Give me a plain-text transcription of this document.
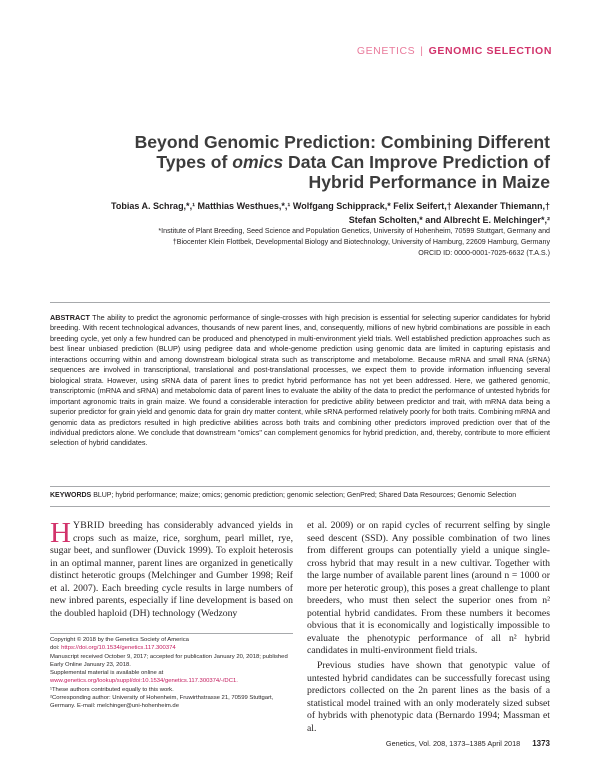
GENETICS | GENOMIC SELECTION
Beyond Genomic Prediction: Combining Different
Types of omics Data Can Improve Prediction of
Hybrid Performance in Maize
Tobias A. Schrag,*,¹ Matthias Westhues,*,¹ Wolfgang Schipprack,* Felix Seifert,† Alexander Thiemann,†
Stefan Scholten,* and Albrecht E. Melchinger*,²
*Institute of Plant Breeding, Seed Science and Population Genetics, University of Hohenheim, 70599 Stuttgart, Germany and
†Biocenter Klein Flottbek, Developmental Biology and Biotechnology, University of Hamburg, 22609 Hamburg, Germany
ORCID ID: 0000-0001-7025-6632 (T.A.S.)
ABSTRACT The ability to predict the agronomic performance of single-crosses with high precision is essential for selecting superior candidates for hybrid breeding. With recent technological advances, thousands of new parent lines, and, consequently, millions of new hybrid combinations are possible in each breeding cycle, yet only a few hundred can be produced and phenotyped in multi-environment yield trials. Well established prediction approaches such as best linear unbiased prediction (BLUP) using pedigree data and whole-genome prediction using genomic data are limited in capturing epistasis and interactions occurring within and among downstream biological strata such as transcriptome and metabolome. Because mRNA and small RNA (sRNA) sequences are involved in transcriptional, translational and post-translational processes, we expect them to provide information influencing several biological strata. However, using sRNA data of parent lines to predict hybrid performance has not yet been addressed. Here, we gathered genomic, transcriptomic (mRNA and sRNA) and metabolomic data of parent lines to evaluate the ability of the data to predict the performance of untested hybrids for important agronomic traits in grain maize. We found a considerable interaction for predictive ability between predictor and trait, with mRNA data being a superior predictor for grain yield and genomic data for grain dry matter content, while sRNA performed relatively poorly for both traits. Combining mRNA and genomic data as predictors resulted in high predictive abilities across both traits and combining other predictors improved prediction over that of the individual predictors alone. We conclude that downstream "omics" can complement genomics for hybrid prediction, and, thereby, contribute to more efficient selection of hybrid candidates.
KEYWORDS BLUP; hybrid performance; maize; omics; genomic prediction; genomic selection; GenPred; Shared Data Resources; Genomic Selection

HYBRID breeding has considerably advanced yields in crops such as maize, rice, sorghum, pearl millet, rye, sugar beet, and sunflower (Duvick 1999). To exploit heterosis in an optimal manner, parent lines are organized in genetically distinct heterotic groups (Melchinger and Gumber 1998; Reif et al. 2007). Each breeding cycle results in large numbers of new inbred parents, especially if line development is based on the doubled haploid (DH) technology (Wedzony

et al. 2009) or on rapid cycles of recurrent selfing by single seed descent (SSD). Any possible combination of two lines from different groups can potentially yield a unique single-cross hybrid that may result in a new cultivar. Together with the large number of available parent lines (around n = 1000 or more per heterotic group), this poses a great challenge to plant breeders, who must then select the superior ones from n² potential hybrid candidates. From these numbers it becomes obvious that it is economically and logistically impossible to evaluate the phenotypic performance of all n² hybrid candidates in multi-environment field trials.

Previous studies have shown that genotypic value of untested hybrid candidates can be successfully forecast using predictors collected on the 2n parent lines as the basis of a statistical model trained with an only moderately sized subset of hybrids with phenotypic data (Bernardo 1994; Massman et al.

Copyright © 2018 by the Genetics Society of America
doi: https://doi.org/10.1534/genetics.117.300374
Manuscript received October 9, 2017; accepted for publication January 20, 2018; published Early Online January 23, 2018.
Supplemental material is available online at www.genetics.org/lookup/suppl/doi:10.1534/genetics.117.300374/-/DC1.
¹These authors contributed equally to this work.
²Corresponding author: University of Hohenheim, Fruwirthstrasse 21, 70599 Stuttgart, Germany. E-mail: melchinger@uni-hohenheim.de
Genetics, Vol. 208, 1373–1385 April 2018 1373
